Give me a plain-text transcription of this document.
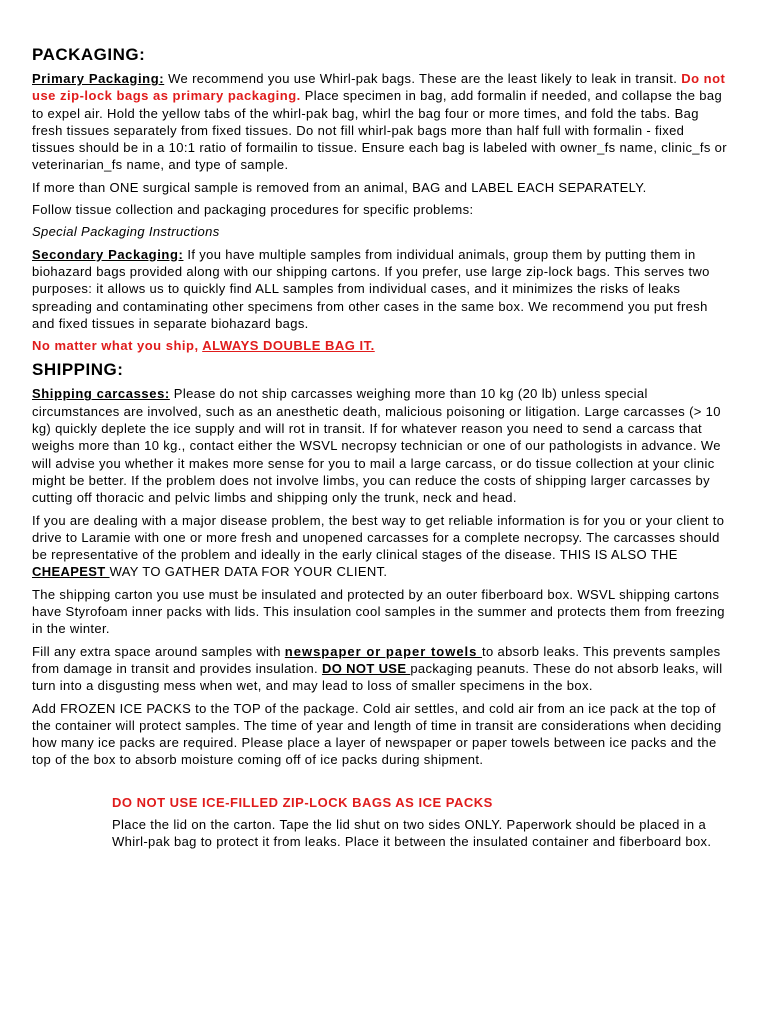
PACKAGING:

Primary Packaging: We recommend you use Whirl-pak bags. These are the least likely to leak in transit. Do not use zip-lock bags as primary packaging. Place specimen in bag, add formalin if needed, and collapse the bag to expel air. Hold the yellow tabs of the whirl-pak bag, whirl the bag four or more times, and fold the tabs. Bag fresh tissues separately from fixed tissues. Do not fill whirl-pak bags more than half full with formalin - fixed tissues should be in a 10:1 ratio of formailin to tissue. Ensure each bag is labeled with owner_fs name, clinic_fs or veterinarian_fs name, and type of sample.

If more than ONE surgical sample is removed from an animal, BAG and LABEL EACH SEPARATELY.

Follow tissue collection and packaging procedures for specific problems:

Special Packaging Instructions

Secondary Packaging: If you have multiple samples from individual animals, group them by putting them in biohazard bags provided along with our shipping cartons. If you prefer, use large zip-lock bags. This serves two purposes: it allows us to quickly find ALL samples from individual cases, and it minimizes the risks of leaks spreading and contaminating other specimens from other cases in the same box. We recommend you put fresh and fixed tissues in separate biohazard bags.

No matter what you ship, ALWAYS DOUBLE BAG IT.

SHIPPING:

Shipping carcasses: Please do not ship carcasses weighing more than 10 kg (20 lb) unless special circumstances are involved, such as an anesthetic death, malicious poisoning or litigation. Large carcasses (> 10 kg) quickly deplete the ice supply and will rot in transit. If for whatever reason you need to send a carcass that weighs more than 10 kg., contact either the WSVL necropsy technician or one of our pathologists in advance. We will advise you whether it makes more sense for you to mail a large carcass, or do tissue collection at your clinic might be better. If the problem does not involve limbs, you can reduce the costs of shipping larger carcasses by cutting off thoracic and pelvic limbs and shipping only the trunk, neck and head.

If you are dealing with a major disease problem, the best way to get reliable information is for you or your client to drive to Laramie with one or more fresh and unopened carcasses for a complete necropsy. The carcasses should be representative of the problem and ideally in the early clinical stages of the disease. THIS IS ALSO THE CHEAPEST WAY TO GATHER DATA FOR YOUR CLIENT.

The shipping carton you use must be insulated and protected by an outer fiberboard box. WSVL shipping cartons have Styrofoam inner packs with lids. This insulation cool samples in the summer and protects them from freezing in the winter.

Fill any extra space around samples with newspaper or paper towels to absorb leaks. This prevents samples from damage in transit and provides insulation. DO NOT USE packaging peanuts. These do not absorb leaks, will turn into a disgusting mess when wet, and may lead to loss of smaller specimens in the box.

Add FROZEN ICE PACKS to the TOP of the package. Cold air settles, and cold air from an ice pack at the top of the container will protect samples. The time of year and length of time in transit are considerations when deciding how many ice packs are required. Please place a layer of newspaper or paper towels between ice packs and the top of the box to absorb moisture coming off of ice packs during shipment.

DO NOT USE ICE-FILLED ZIP-LOCK BAGS AS ICE PACKS

Place the lid on the carton. Tape the lid shut on two sides ONLY. Paperwork should be placed in a Whirl-pak bag to protect it from leaks. Place it between the insulated container and fiberboard box.
